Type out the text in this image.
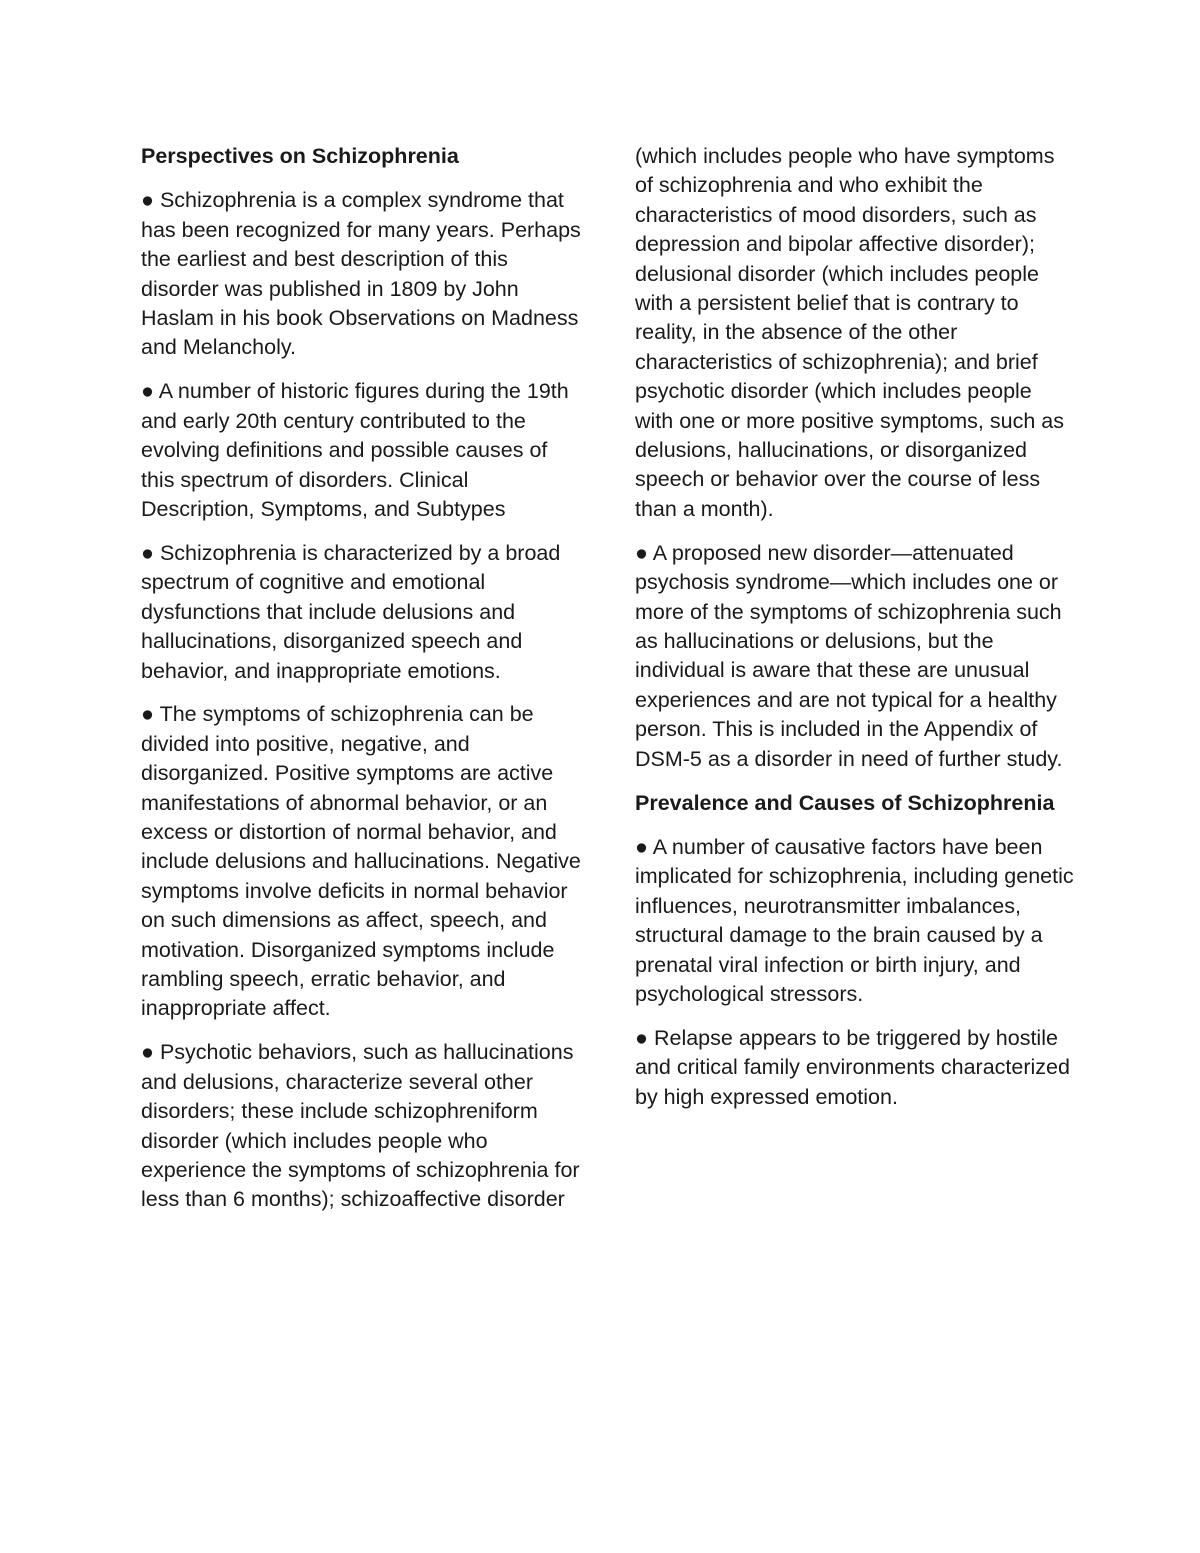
Perspectives on Schizophrenia
● Schizophrenia is a complex syndrome that has been recognized for many years. Perhaps the earliest and best description of this disorder was published in 1809 by John Haslam in his book Observations on Madness and Melancholy.
● A number of historic figures during the 19th and early 20th century contributed to the evolving definitions and possible causes of this spectrum of disorders. Clinical Description, Symptoms, and Subtypes
● Schizophrenia is characterized by a broad spectrum of cognitive and emotional dysfunctions that include delusions and hallucinations, disorganized speech and behavior, and inappropriate emotions.
● The symptoms of schizophrenia can be divided into positive, negative, and disorganized. Positive symptoms are active manifestations of abnormal behavior, or an excess or distortion of normal behavior, and include delusions and hallucinations. Negative symptoms involve deficits in normal behavior on such dimensions as affect, speech, and motivation. Disorganized symptoms include rambling speech, erratic behavior, and inappropriate affect.
● Psychotic behaviors, such as hallucinations and delusions, characterize several other disorders; these include schizophreniform disorder (which includes people who experience the symptoms of schizophrenia for less than 6 months); schizoaffective disorder
(which includes people who have symptoms of schizophrenia and who exhibit the characteristics of mood disorders, such as depression and bipolar affective disorder); delusional disorder (which includes people with a persistent belief that is contrary to reality, in the absence of the other characteristics of schizophrenia); and brief psychotic disorder (which includes people with one or more positive symptoms, such as delusions, hallucinations, or disorganized speech or behavior over the course of less than a month).
● A proposed new disorder—attenuated psychosis syndrome—which includes one or more of the symptoms of schizophrenia such as hallucinations or delusions, but the individual is aware that these are unusual experiences and are not typical for a healthy person. This is included in the Appendix of DSM-5 as a disorder in need of further study.
Prevalence and Causes of Schizophrenia
● A number of causative factors have been implicated for schizophrenia, including genetic influences, neurotransmitter imbalances, structural damage to the brain caused by a prenatal viral infection or birth injury, and psychological stressors.
● Relapse appears to be triggered by hostile and critical family environments characterized by high expressed emotion.
